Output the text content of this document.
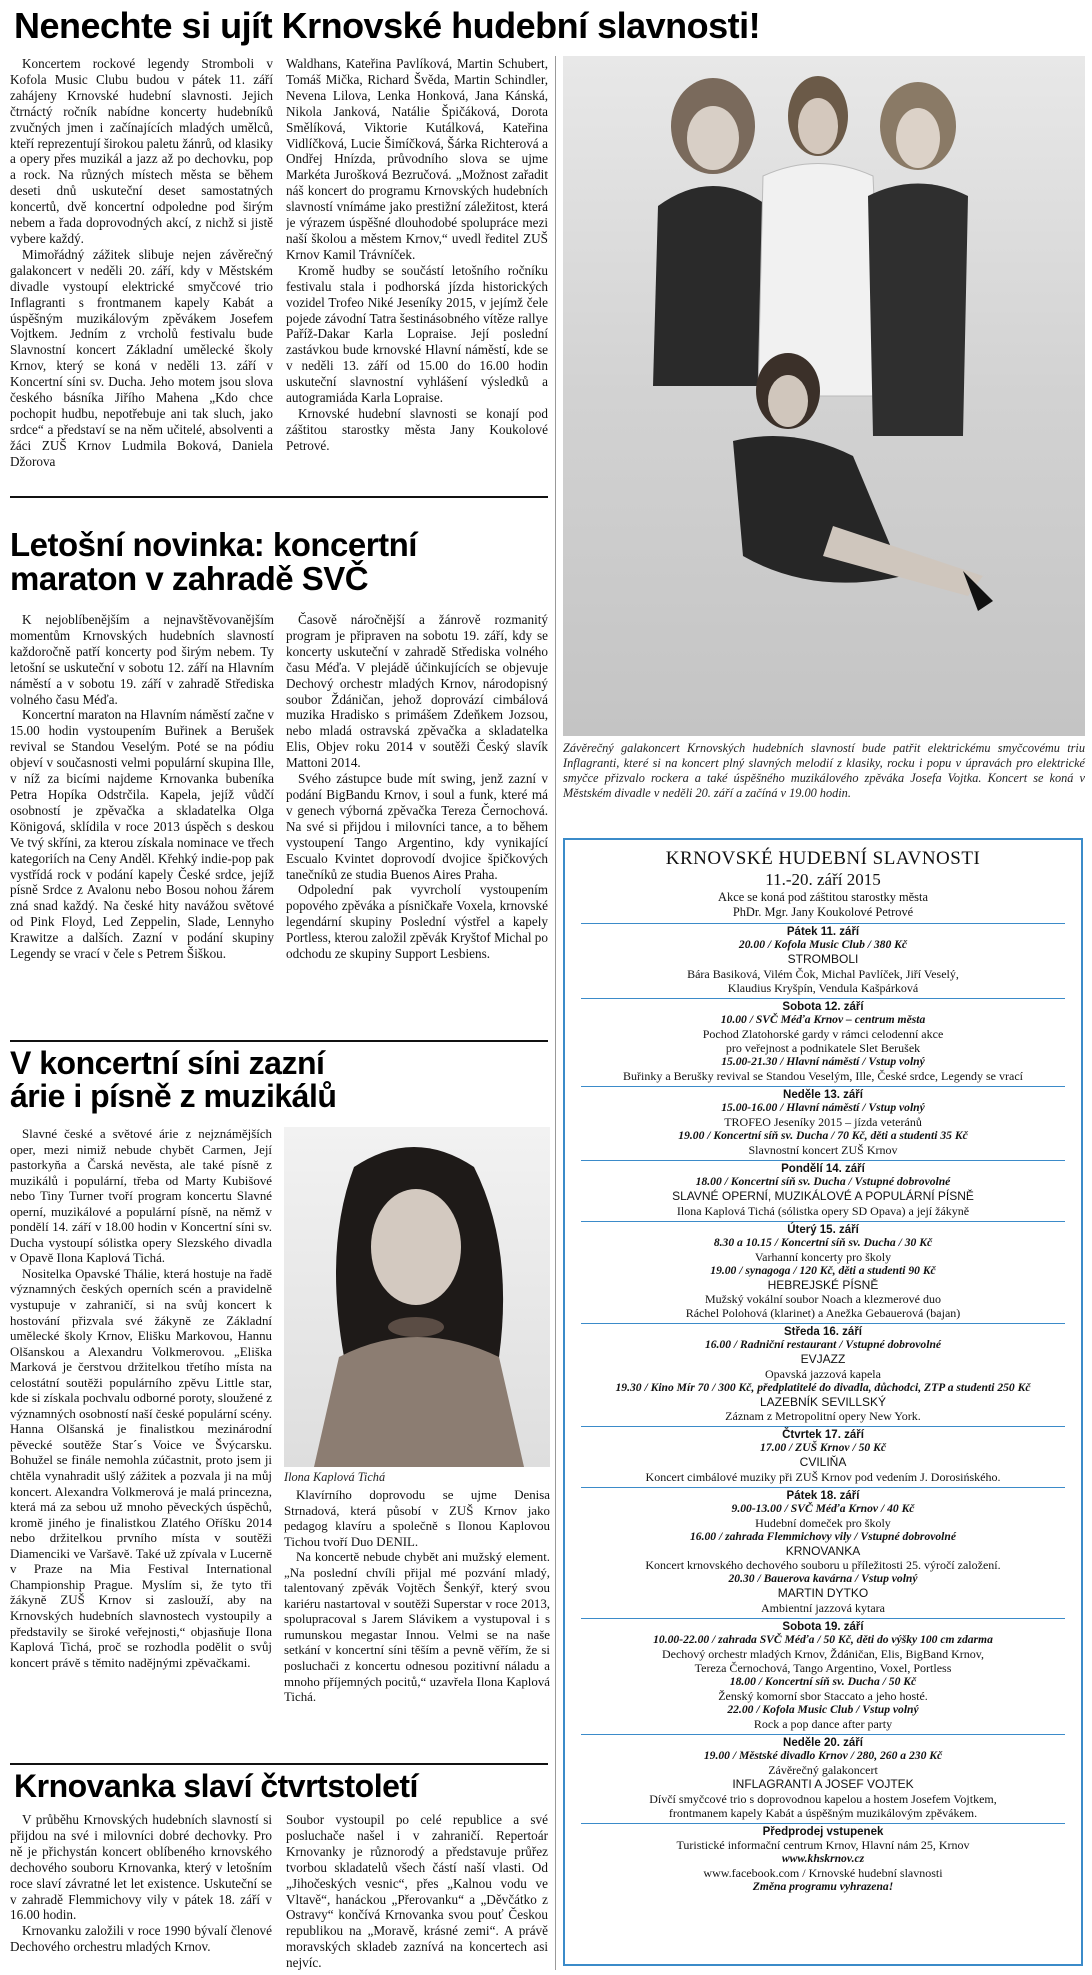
Nenechte si ujít Krnovské hudební slavnosti!

Koncertem rockové legendy Stromboli v Kofola Music Clubu budou v pátek 11. září zahájeny Krnovské hudební slavnosti. Jejich čtrnáctý ročník nabídne koncerty hudebníků zvučných jmen i začínajících mladých umělců, kteří reprezentují širokou paletu žánrů, od klasiky a opery přes muzikál a jazz až po dechovku, pop a rock. Na různých místech města se během deseti dnů uskuteční deset samostatných koncertů, dvě koncertní odpoledne pod širým nebem a řada doprovodných akcí, z nichž si jistě vybere každý.

Mimořádný zážitek slibuje nejen závěrečný galakoncert v neděli 20. září, kdy v Městském divadle vystoupí elektrické smyčcové trio Inflagranti s frontmanem kapely Kabát a úspěšným muzikálovým zpěvákem Josefem Vojtkem. Jedním z vrcholů festivalu bude Slavnostní koncert Základní umělecké školy Krnov, který se koná v neděli 13. září v Koncertní síni sv. Ducha. Jeho motem jsou slova českého básníka Jiřího Mahena „Kdo chce pochopit hudbu, nepotřebuje ani tak sluch, jako srdce“ a představí se na něm učitelé, absolventi a žáci ZUŠ Krnov Ludmila Boková, Daniela Džorova

Waldhans, Kateřina Pavlíková, Martin Schubert, Tomáš Mička, Richard Švěda, Martin Schindler, Nevena Lilova, Lenka Honková, Jana Kánská, Nikola Janková, Natálie Špičáková, Dorota Smělíková, Viktorie Kutálková, Kateřina Vidlíčková, Lucie Šimíčková, Šárka Richterová a Ondřej Hnízda, průvodního slova se ujme Markéta Jurošková Bezručová. „Možnost zařadit náš koncert do programu Krnovských hudebních slavností vnímáme jako prestižní záležitost, která je výrazem úspěšné dlouhodobé spolupráce mezi naší školou a městem Krnov,“ uvedl ředitel ZUŠ Krnov Kamil Trávníček.

Kromě hudby se součástí letošního ročníku festivalu stala i podhorská jízda historických vozidel Trofeo Niké Jeseníky 2015, v jejímž čele pojede závodní Tatra šestinásobného vítěze rallye Paříž-Dakar Karla Lopraise. Její poslední zastávkou bude krnovské Hlavní náměstí, kde se v neděli 13. září od 15.00 do 16.00 hodin uskuteční slavnostní vyhlášení výsledků a autogramiáda Karla Lopraise.

Krnovské hudební slavnosti se konají pod záštitou starostky města Jany Koukolové Petrové.

Závěrečný galakoncert Krnovských hudebních slavností bude patřit elektrickému smyčcovému triu Inflagranti, které si na koncert plný slavných melodií z klasiky, rocku i popu v úpravách pro elektrické smyčce přizvalo rockera a také úspěšného muzikálového zpěváka Josefa Vojtka. Koncert se koná v Městském divadle v neděli 20. září a začíná v 19.00 hodin.
Letošní novinka: koncertní
maraton v zahradě SVČ

K nejoblíbenějším a nejnavštěvovanějším momentům Krnovských hudebních slavností každoročně patří koncerty pod širým nebem. Ty letošní se uskuteční v sobotu 12. září na Hlavním náměstí a v sobotu 19. září v zahradě Střediska volného času Méďa.

Koncertní maraton na Hlavním náměstí začne v 15.00 hodin vystoupením Buřinek a Berušek revival se Standou Veselým. Poté se na pódiu objeví v současnosti velmi populární skupina Ille, v níž za bicími najdeme Krnovanka bubeníka Petra Hopíka Odstrčila. Kapela, jejíž vůdčí osobností je zpěvačka a skladatelka Olga Königová, sklídila v roce 2013 úspěch s deskou Ve tvý skříni, za kterou získala nominace ve třech kategoriích na Ceny Anděl. Křehký indie-pop pak vystřídá rock v podání kapely České srdce, jejíž písně Srdce z Avalonu nebo Bosou nohou žárem zná snad každý. Na české hity navážou světové od Pink Floyd, Led Zeppelin, Slade, Lennyho Krawitze a dalších. Zazní v podání skupiny Legendy se vrací v čele s Petrem Šiškou.

Časově náročnější a žánrově rozmanitý program je připraven na sobotu 19. září, kdy se koncerty uskuteční v zahradě Střediska volného času Méďa. V plejádě účinkujících se objevuje Dechový orchestr mladých Krnov, národopisný soubor Ždáničan, jehož doprovází cimbálová muzika Hradisko s primášem Zdeňkem Jozsou, nebo mladá ostravská zpěvačka a skladatelka Elis, Objev roku 2014 v soutěži Český slavík Mattoni 2014.

Svého zástupce bude mít swing, jenž zazní v podání BigBandu Krnov, i soul a funk, které má v genech výborná zpěvačka Tereza Černochová. Na své si přijdou i milovníci tance, a to během vystoupení Tango Argentino, kdy vynikající Escualo Kvintet doprovodí dvojice špičkových tanečníků ze studia Buenos Aires Praha.

Odpolední pak vyvrcholí vystoupením popového zpěváka a písničkaře Voxela, krnovské legendární skupiny Poslední výstřel a kapely Portless, kterou založil zpěvák Kryštof Michal po odchodu ze skupiny Support Lesbiens.

V koncertní síni zazní
árie i písně z muzikálů

Slavné české a světové árie z nejznámějších oper, mezi nimiž nebude chybět Carmen, Její pastorkyňa a Čarská nevěsta, ale také písně z muzikálů i populární, třeba od Marty Kubišové nebo Tiny Turner tvoří program koncertu Slavné operní, muzikálové a populární písně, na němž v pondělí 14. září v 18.00 hodin v Koncertní síni sv. Ducha vystoupí sólistka opery Slezského divadla v Opavě Ilona Kaplová Tichá.

Nositelka Opavské Thálie, která hostuje na řadě významných českých operních scén a pravidelně vystupuje v zahraničí, si na svůj koncert k hostování přizvala své žákyně ze Základní umělecké školy Krnov, Elišku Markovou, Hannu Olšanskou a Alexandru Volkmerovou. „Eliška Marková je čerstvou držitelkou třetího místa na celostátní soutěži populárního zpěvu Little star, kde si získala pochvalu odborné poroty, sloužené z významných osobností naší české populární scény. Hanna Olšanská je finalistkou mezinárodní pěvecké soutěže Star´s Voice ve Švýcarsku. Bohužel se finále nemohla zúčastnit, proto jsem ji chtěla vynahradit ušlý zážitek a pozvala ji na můj koncert. Alexandra Volkmerová je malá princezna, která má za sebou už mnoho pěveckých úspěchů, kromě jiného je finalistkou Zlatého Oříšku 2014 nebo držitelkou prvního místa v soutěži Diamenciki ve Varšavě. Také už zpívala v Lucerně v Praze na Mia Festival International Championship Prague. Myslím si, že tyto tři žákyně ZUŠ Krnov si zaslouží, aby na Krnovských hudebních slavnostech vystoupily a představily se široké veřejnosti,“ objasňuje Ilona Kaplová Tichá, proč se rozhodla podělit o svůj koncert právě s těmito nadějnými zpěvačkami.

Ilona Kaplová Tichá

Klavírního doprovodu se ujme Denisa Strnadová, která působí v ZUŠ Krnov jako pedagog klavíru a společně s Ilonou Kaplovou Tichou tvoří Duo DENIL.

Na koncertě nebude chybět ani mužský element. „Na poslední chvíli přijal mé pozvání mladý, talentovaný zpěvák Vojtěch Šenkýř, který svou kariéru nastartoval v soutěži Superstar v roce 2013, spolupracoval s Jarem Slávikem a vystupoval i s rumunskou megastar Innou. Velmi se na naše setkání v koncertní síni těším a pevně věřím, že si posluchači z koncertu odnesou pozitivní náladu a mnoho příjemných pocitů,“ uzavřela Ilona Kaplová Tichá.

Krnovanka slaví čtvrtstoletí

V průběhu Krnovských hudebních slavností si přijdou na své i milovníci dobré dechovky. Pro ně je přichystán koncert oblíbeného krnovského dechového souboru Krnovanka, který v letošním roce slaví závratné let let existence. Uskuteční se v zahradě Flemmichovy vily v pátek 18. září v 16.00 hodin.

Krnovanku založili v roce 1990 bývalí členové Dechového orchestru mladých Krnov.

Soubor vystoupil po celé republice a své posluchače našel i v zahraničí. Repertoár Krnovanky je různorodý a představuje průřez tvorbou skladatelů všech částí naší vlasti. Od „Jihočeských vesnic“, přes „Kalnou vodu ve Vltavě“, hanáckou „Přerovanku“ a „Děvčátko z Ostravy“ končívá Krnovanka svou pouť Českou republikou na „Moravě, krásné zemi“. A právě moravských skladeb zaznívá na koncertech asi nejvíc.

KRNOVSKÉ HUDEBNÍ SLAVNOSTI
11.-20. září 2015
Akce se koná pod záštitou starostky města
PhDr. Mgr. Jany Koukolové Petrové
Pátek 11. září
20.00 / Kofola Music Club / 380 Kč
STROMBOLI
Bára Basiková, Vilém Čok, Michal Pavlíček, Jiří Veselý,
Klaudius Kryšpín, Vendula Kašpárková
Sobota 12. září
10.00 / SVČ Méďa Krnov – centrum města
Pochod Zlatohorské gardy v rámci celodenní akce
pro veřejnost a podnikatele Slet Berušek
15.00-21.30 / Hlavní náměstí / Vstup volný
Buřinky a Berušky revival se Standou Veselým, Ille, České srdce, Legendy se vrací
Neděle 13. září
15.00-16.00 / Hlavní náměstí / Vstup volný
TROFEO Jeseníky 2015 – jízda veteránů
19.00 / Koncertní síň sv. Ducha / 70 Kč, děti a studenti 35 Kč
Slavnostní koncert ZUŠ Krnov
Pondělí 14. září
18.00 / Koncertní síň sv. Ducha / Vstupné dobrovolné
SLAVNÉ OPERNÍ, MUZIKÁLOVÉ A POPULÁRNÍ PÍSNĚ
Ilona Kaplová Tichá (sólistka opery SD Opava) a její žákyně
Úterý 15. září
8.30 a 10.15 / Koncertní síň sv. Ducha / 30 Kč
Varhanní koncerty pro školy
19.00 / synagoga / 120 Kč, děti a studenti 90 Kč
HEBREJSKÉ PÍSNĚ
Mužský vokální soubor Noach a klezmerové duo
Ráchel Polohová (klarinet) a Anežka Gebauerová (bajan)
Středa 16. září
16.00 / Radniční restaurant / Vstupné dobrovolné
EVJAZZ
Opavská jazzová kapela
19.30 / Kino Mír 70 / 300 Kč, předplatitelé do divadla, důchodci, ZTP a studenti 250 Kč
LAZEBNÍK SEVILLSKÝ
Záznam z Metropolitní opery New York.
Čtvrtek 17. září
17.00 / ZUŠ Krnov / 50 Kč
CVILIŇA
Koncert cimbálové muziky při ZUŠ Krnov pod vedením J. Dorosińského.
Pátek 18. září
9.00-13.00 / SVČ Méďa Krnov / 40 Kč
Hudební domeček pro školy
16.00 / zahrada Flemmichovy vily / Vstupné dobrovolné
KRNOVANKA
Koncert krnovského dechového souboru u příležitosti 25. výročí založení.
20.30 / Bauerova kavárna / Vstup volný
MARTIN DYTKO
Ambientní jazzová kytara
Sobota 19. září
10.00-22.00 / zahrada SVČ Méďa / 50 Kč, děti do výšky 100 cm zdarma
Dechový orchestr mladých Krnov, Ždáničan, Elis, BigBand Krnov,
Tereza Černochová, Tango Argentino, Voxel, Portless
18.00 / Koncertní síň sv. Ducha / 50 Kč
Ženský komorní sbor Staccato a jeho hosté.
22.00 / Kofola Music Club / Vstup volný
Rock a pop dance after party
Neděle 20. září
19.00 / Městské divadlo Krnov / 280, 260 a 230 Kč
Závěrečný galakoncert
INFLAGRANTI A JOSEF VOJTEK
Dívčí smyčcové trio s doprovodnou kapelou a hostem Josefem Vojtkem,
frontmanem kapely Kabát a úspěšným muzikálovým zpěvákem.
Předprodej vstupenek
Turistické informační centrum Krnov, Hlavní nám 25, Krnov
www.khskrnov.cz
www.facebook.com / Krnovské hudební slavnosti
Změna programu vyhrazena!
